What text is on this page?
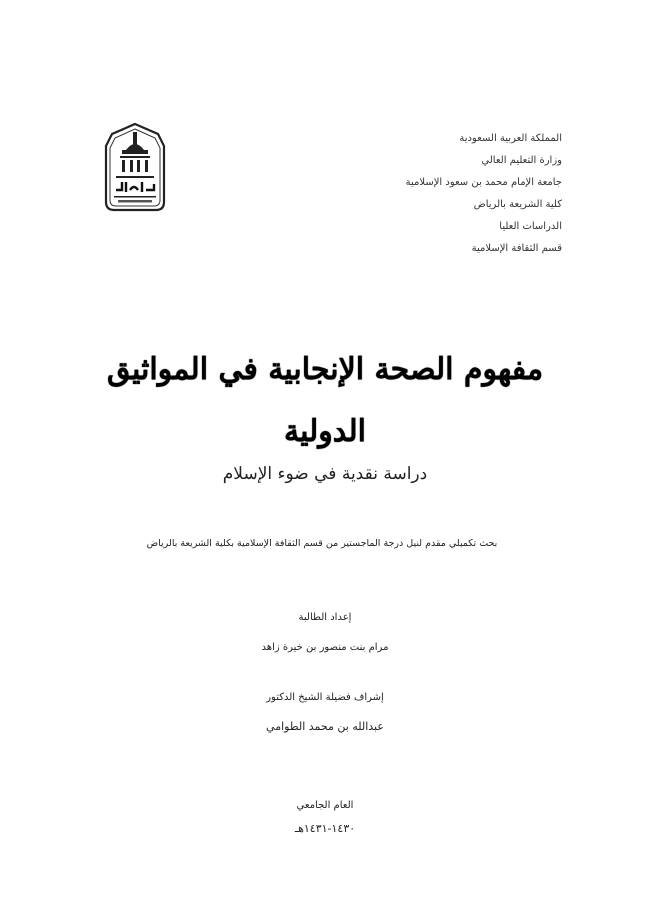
المملكة العربية السعودية
وزارة التعليم العالي
جامعة الإمام محمد بن سعود الإسلامية
كلية الشريعة بالرياض
الدراسات العليا
قسم الثقافة الإسلامية
مفهوم الصحة الإنجابية في المواثيق
الدولية
دراسة نقدية في ضوء الإسلام
بحث تكميلي مقدم لنيل درجة الماجستير من قسم الثقافة الإسلامية بكلية الشريعة بالرياض
إعداد الطالبة
مرام بنت منصور بن خيرة زاهد
إشراف فضيلة الشيخ الدكتور
عبدالله بن محمد الطوامي
العام الجامعي
١٤٣٠-١٤٣١هـ
